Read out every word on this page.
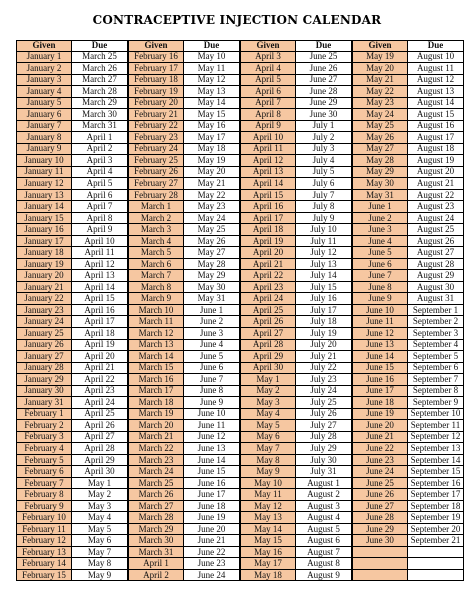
CONTRACEPTIVE INJECTION CALENDAR
Given	Due
January 1	March 25
January 2	March 26
January 3	March 27
January 4	March 28
January 5	March 29
January 6	March 30
January 7	March 31
January 8	April 1
January 9	April 2
January 10	April 3
January 11	April 4
January 12	April 5
January 13	April 6
January 14	April 7
January 15	April 8
January 16	April 9
January 17	April 10
January 18	April 11
January 19	April 12
January 20	April 13
January 21	April 14
January 22	April 15
January 23	April 16
January 24	April 17
January 25	April 18
January 26	April 19
January 27	April 20
January 28	April 21
January 29	April 22
January 30	April 23
January 31	April 24
February 1	April 25
February 2	April 26
February 3	April 27
February 4	April 28
February 5	April 29
February 6	April 30
February 7	May 1
February 8	May 2
February 9	May 3
February 10	May 4
February 11	May 5
February 12	May 6
February 13	May 7
February 14	May 8
February 15	May 9
Given	Due
February 16	May 10
February 17	May 11
February 18	May 12
February 19	May 13
February 20	May 14
February 21	May 15
February 22	May 16
February 23	May 17
February 24	May 18
February 25	May 19
February 26	May 20
February 27	May 21
February 28	May 22
March 1	May 23
March 2	May 24
March 3	May 25
March 4	May 26
March 5	May 27
March 6	May 28
March 7	May 29
March 8	May 30
March 9	May 31
March 10	June 1
March 11	June 2
March 12	June 3
March 13	June 4
March 14	June 5
March 15	June 6
March 16	June 7
March 17	June 8
March 18	June 9
March 19	June 10
March 20	June 11
March 21	June 12
March 22	June 13
March 23	June 14
March 24	June 15
March 25	June 16
March 26	June 17
March 27	June 18
March 28	June 19
March 29	June 20
March 30	June 21
March 31	June 22
April 1	June 23
April 2	June 24
Given	Due
April 3	June 25
April 4	June 26
April 5	June 27
April 6	June 28
April 7	June 29
April 8	June 30
April 9	July 1
April 10	July 2
April 11	July 3
April 12	July 4
April 13	July 5
April 14	July 6
April 15	July 7
April 16	July 8
April 17	July 9
April 18	July 10
April 19	July 11
April 20	July 12
April 21	July 13
April 22	July 14
April 23	July 15
April 24	July 16
April 25	July 17
April 26	July 18
April 27	July 19
April 28	July 20
April 29	July 21
April 30	July 22
May 1	July 23
May 2	July 24
May 3	July 25
May 4	July 26
May 5	July 27
May 6	July 28
May 7	July 29
May 8	July 30
May 9	July 31
May 10	August 1
May 11	August 2
May 12	August 3
May 13	August 4
May 14	August 5
May 15	August 6
May 16	August 7
May 17	August 8
May 18	August 9
Given	Due
May 19	August 10
May 20	August 11
May 21	August 12
May 22	August 13
May 23	August 14
May 24	August 15
May 25	August 16
May 26	August 17
May 27	August 18
May 28	August 19
May 29	August 20
May 30	August 21
May 31	August 22
June 1	August 23
June 2	August 24
June 3	August 25
June 4	August 26
June 5	August 27
June 6	August 28
June 7	August 29
June 8	August 30
June 9	August 31
June 10	September 1
June 11	September 2
June 12	September 3
June 13	September 4
June 14	September 5
June 15	September 6
June 16	September 7
June 17	September 8
June 18	September 9
June 19	September 10
June 20	September 11
June 21	September 12
June 22	September 13
June 23	September 14
June 24	September 15
June 25	September 16
June 26	September 17
June 27	September 18
June 28	September 19
June 29	September 20
June 30	September 21
